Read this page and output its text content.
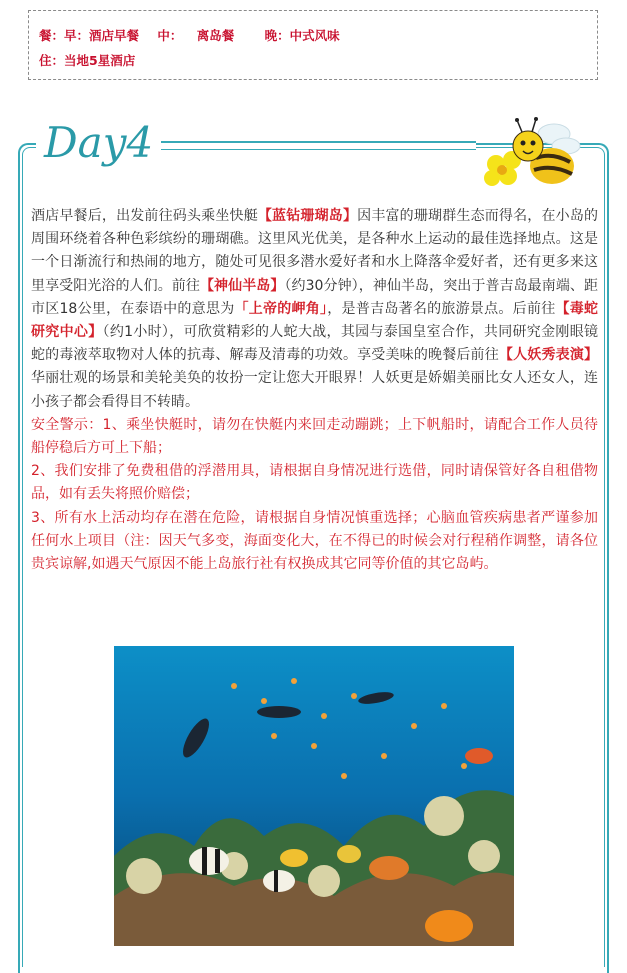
餐：早：酒店早餐 中： 离岛餐 晚：中式风味
住：当地5星酒店
Day4

酒店早餐后，出发前往码头乘坐快艇【蓝钻珊瑚岛】因丰富的珊瑚群生态而得名，在小岛的周围环绕着各种色彩缤纷的珊瑚礁。这里风光优美，是各种水上运动的最佳选择地点。这是一个日渐流行和热闹的地方，随处可见很多潜水爱好者和水上降落伞爱好者，还有更多来这里享受阳光浴的人们。前往【神仙半岛】（约30分钟），神仙半岛，突出于普吉岛最南端、距市区18公里，在泰语中的意思为「上帝的岬角」，是普吉岛著名的旅游景点。后前往【毒蛇研究中心】（约1小时），可欣赏精彩的人蛇大战，其园与泰国皇室合作，共同研究金刚眼镜蛇的毒液萃取物对人体的抗毒、解毒及清毒的功效。享受美味的晚餐后前往【人妖秀表演】华丽壮观的场景和美轮美奂的妆扮一定让您大开眼界！人妖更是娇媚美丽比女人还女人，连小孩子都会看得目不转睛。

安全警示：1、乘坐快艇时，请勿在快艇内来回走动蹦跳；上下帆船时，请配合工作人员待船停稳后方可上下船；

2、我们安排了免费租借的浮潜用具，请根据自身情况进行选借，同时请保管好各自租借物品，如有丢失将照价赔偿；

3、所有水上活动均存在潜在危险，请根据自身情况慎重选择；心脑血管疾病患者严谨参加任何水上项目（注：因天气多变，海面变化大，在不得已的时候会对行程稍作调整，请各位贵宾谅解,如遇天气原因不能上岛旅行社有权换成其它同等价值的其它岛屿。
